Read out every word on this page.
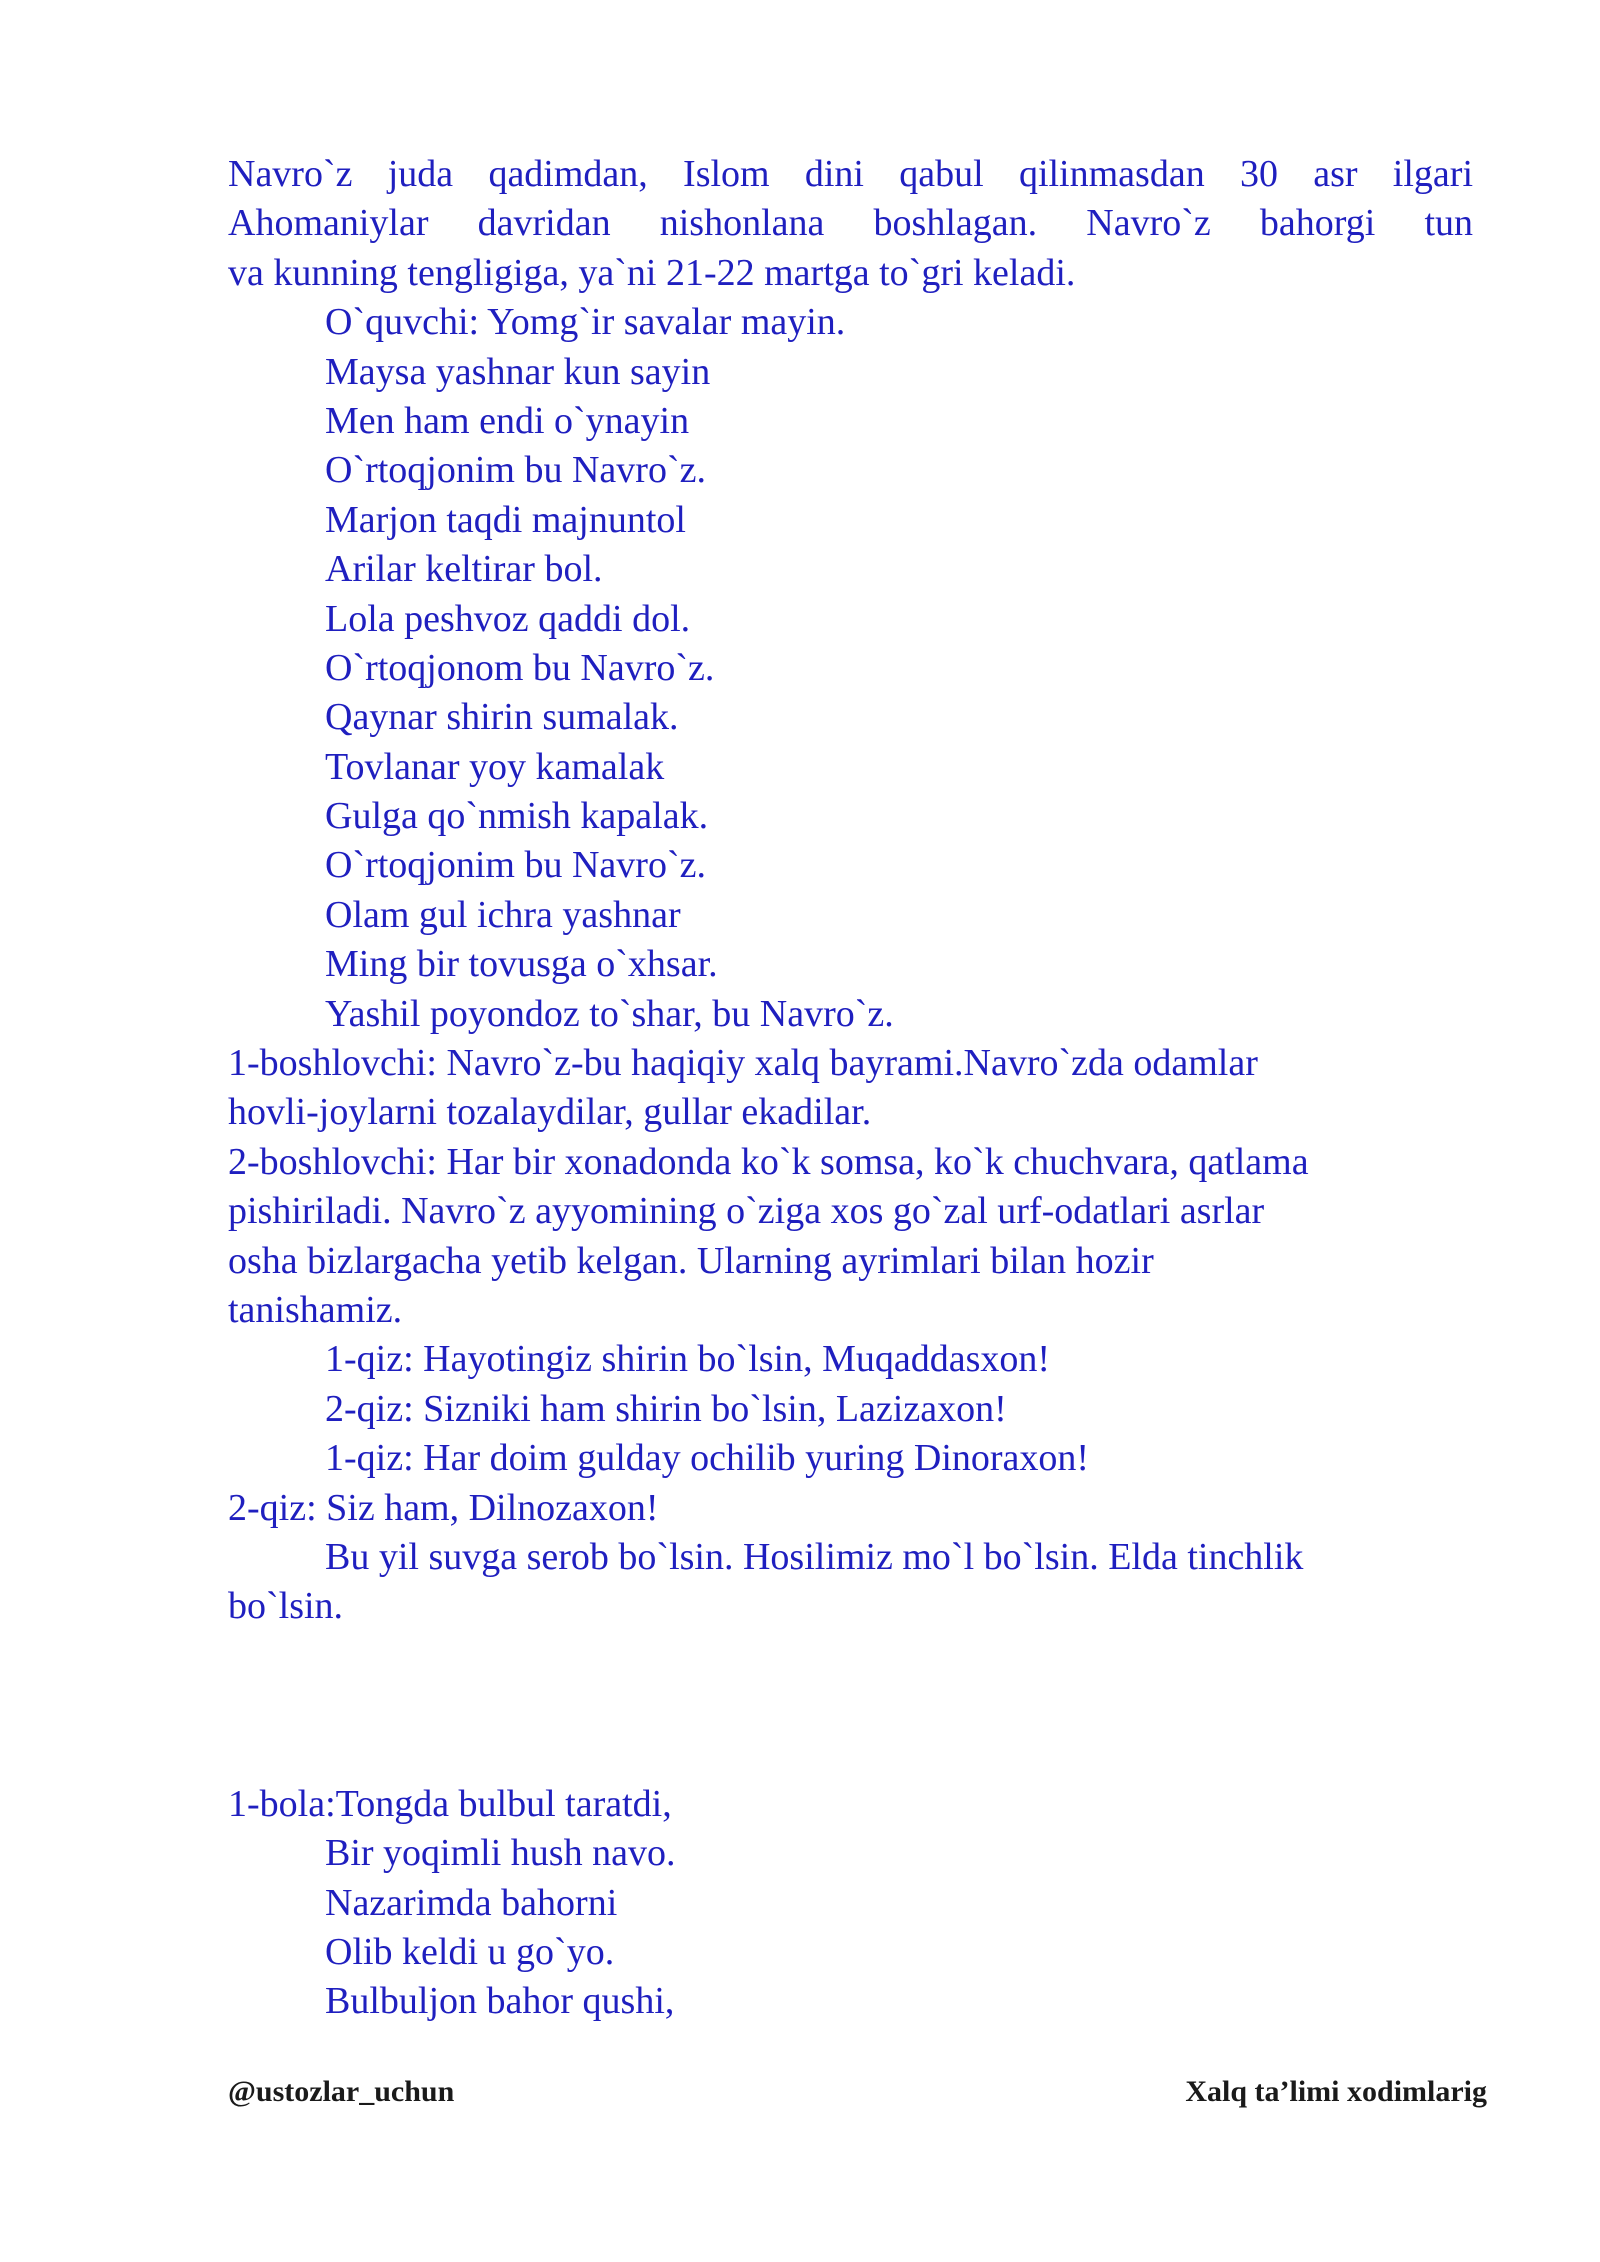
Navro`z juda qadimdan, Islom dini qabul qilinmasdan 30 asr ilgari
Ahomaniylar davridan nishonlana boshlagan. Navro`z bahorgi tun
va kunning tengligiga, ya`ni 21-22 martga to`gri keladi.
O`quvchi: Yomg`ir savalar mayin.
Maysa yashnar kun sayin
Men ham endi o`ynayin
O`rtoqjonim bu Navro`z.
Marjon taqdi majnuntol
Arilar keltirar bol.
Lola peshvoz qaddi dol.
O`rtoqjonom bu Navro`z.
Qaynar shirin sumalak.
Tovlanar yoy kamalak
Gulga qo`nmish kapalak.
O`rtoqjonim bu Navro`z.
Olam gul ichra yashnar
Ming bir tovusga o`xhsar.
Yashil poyondoz to`shar, bu Navro`z.
1-boshlovchi: Navro`z-bu haqiqiy xalq bayrami.Navro`zda odamlar
hovli-joylarni tozalaydilar, gullar ekadilar.
2-boshlovchi: Har bir xonadonda ko`k somsa, ko`k chuchvara, qatlama
pishiriladi. Navro`z ayyomining o`ziga xos go`zal urf-odatlari asrlar
osha bizlargacha yetib kelgan. Ularning ayrimlari bilan hozir
tanishamiz.
1-qiz: Hayotingiz shirin bo`lsin, Muqaddasxon!
2-qiz: Sizniki ham shirin bo`lsin, Lazizaxon!
1-qiz: Har doim gulday ochilib yuring Dinoraxon!
2-qiz: Siz ham, Dilnozaxon!
Bu yil suvga serob bo`lsin. Hosilimiz mo`l bo`lsin. Elda tinchlik
bo`lsin.
1-bola:Tongda bulbul taratdi,
Bir yoqimli hush navo.
Nazarimda bahorni
Olib keldi u go`yo.
Bulbuljon bahor qushi,
@ustozlar_uchun	Xalq ta’limi xodimlarig
